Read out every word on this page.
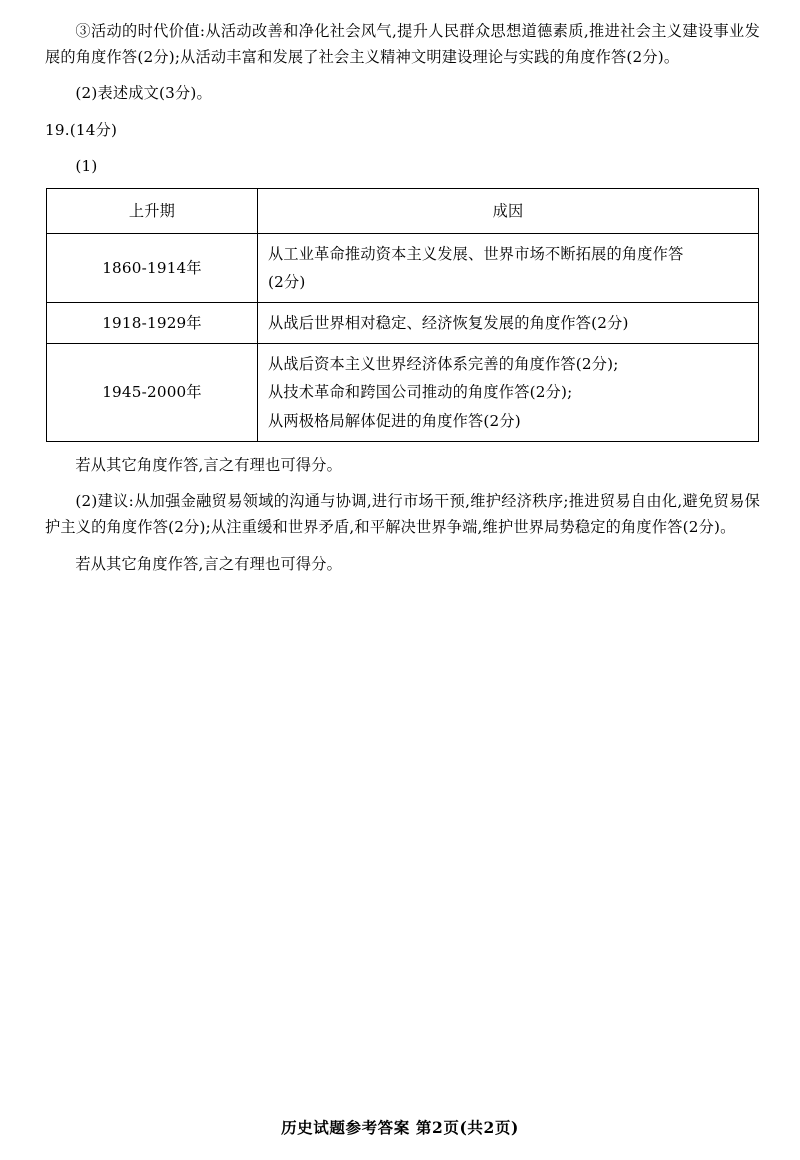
③活动的时代价值:从活动改善和净化社会风气,提升人民群众思想道德素质,推进社会主义建设事业发展的角度作答(2分);从活动丰富和发展了社会主义精神文明建设理论与实践的角度作答(2分)。

(2)表述成文(3分)。

19.(14分)

(1)

上升期	成因
1860-1914年	从工业革命推动资本主义发展、世界市场不断拓展的角度作答
(2分)

1918-1929年	从战后世界相对稳定、经济恢复发展的角度作答(2分)

1945-2000年	从战后资本主义世界经济体系完善的角度作答(2分);
从技术革命和跨国公司推动的角度作答(2分);
从两极格局解体促进的角度作答(2分)

若从其它角度作答,言之有理也可得分。

(2)建议:从加强金融贸易领域的沟通与协调,进行市场干预,维护经济秩序;推进贸易自由化,避免贸易保护主义的角度作答(2分);从注重缓和世界矛盾,和平解决世界争端,维护世界局势稳定的角度作答(2分)。

若从其它角度作答,言之有理也可得分。

历史试题参考答案 第2页(共2页)
